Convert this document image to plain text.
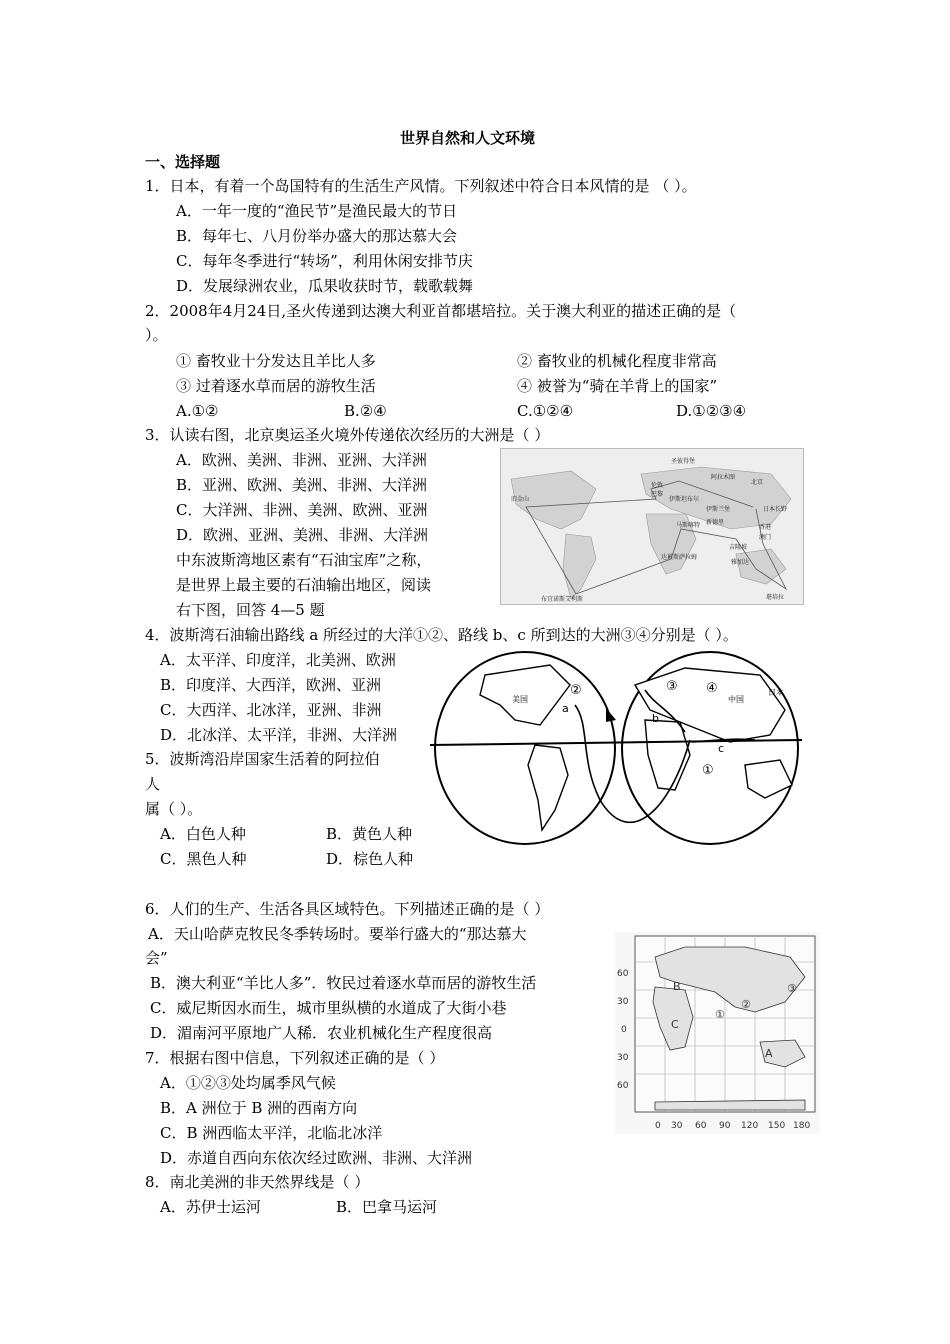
世界自然和人文环境
一、选择题
1．日本，有着一个岛国特有的生活生产风情。下列叙述中符合日本风情的是 （ ）。
A．一年一度的“渔民节”是渔民最大的节日
B．每年七、八月份举办盛大的那达慕大会
C．每年冬季进行“转场”，利用休闲安排节庆
D．发展绿洲农业，瓜果收获时节，载歌载舞
2．2008年4月24日,圣火传递到达澳大利亚首都堪培拉。关于澳大利亚的描述正确的是（
）。
① 畜牧业十分发达且羊比人多	② 畜牧业的机械化程度非常高
③ 过着逐水草而居的游牧生活	④ 被誉为“骑在羊背上的国家”
A.①②	B.②④	C.①②④	D.①②③④
3．认读右图，北京奥运圣火境外传递依次经历的大洲是（ ）
A．欧洲、美洲、非洲、亚洲、大洋洲
B．亚洲、欧洲、美洲、非洲、大洋洲
C．大洋洲、非洲、美洲、欧洲、亚洲
D．欧洲、亚洲、美洲、非洲、大洋洲
圣彼得堡
伦敦
巴黎
旧金山
阿拉木图
北京
日本长野
伊斯坦布尔
伊斯兰堡
马斯喀特 新德里
吉隆坡
达累斯萨拉姆
雅加达
布宜诺斯艾利斯	堪培拉
香港
澳门
中东波斯湾地区素有“石油宝库”之称，
是世界上最主要的石油输出地区，阅读
右下图，回答 4—5 题
4．波斯湾石油输出路线 a 所经过的大洋①②、路线 b、c 所到达的大洲③④分别是（ ）。
A．太平洋、印度洋，北美洲、欧洲
B．印度洋、大西洋，欧洲、亚洲
C．大西洋、北冰洋，亚洲、非洲
D．北冰洋、太平洋，非洲、大洋洲
美国
a
②	③ ④
中国
日本
b
c
①
5．波斯湾沿岸国家生活着的阿拉伯
人
属（ ）。
A．白色人种	B．黄色人种
C．黑色人种	D．棕色人种
6．人们的生产、生活各具区域特色。下列描述正确的是（ ）
A．天山哈萨克牧民冬季转场时。要举行盛大的“那达慕大
会”
B．澳大利亚“羊比人多”．牧民过着逐水草而居的游牧生活
C．威尼斯因水而生，城市里纵横的水道成了大街小巷
D．湄南河平原地广人稀．农业机械化生产程度很高
7．根据右图中信息，下列叙述正确的是（ ）
A．①②③处均属季风气候
B．A 洲位于 B 洲的西南方向
C．B 洲西临太平洋，北临北冰洋
D．赤道自西向东依次经过欧洲、非洲、大洋洲
60
30
0
30
60
0 30 60 90 120 150 180
B
C
A
①
②
③
8．南北美洲的非天然界线是（ ）
A．苏伊士运河	B．巴拿马运河
